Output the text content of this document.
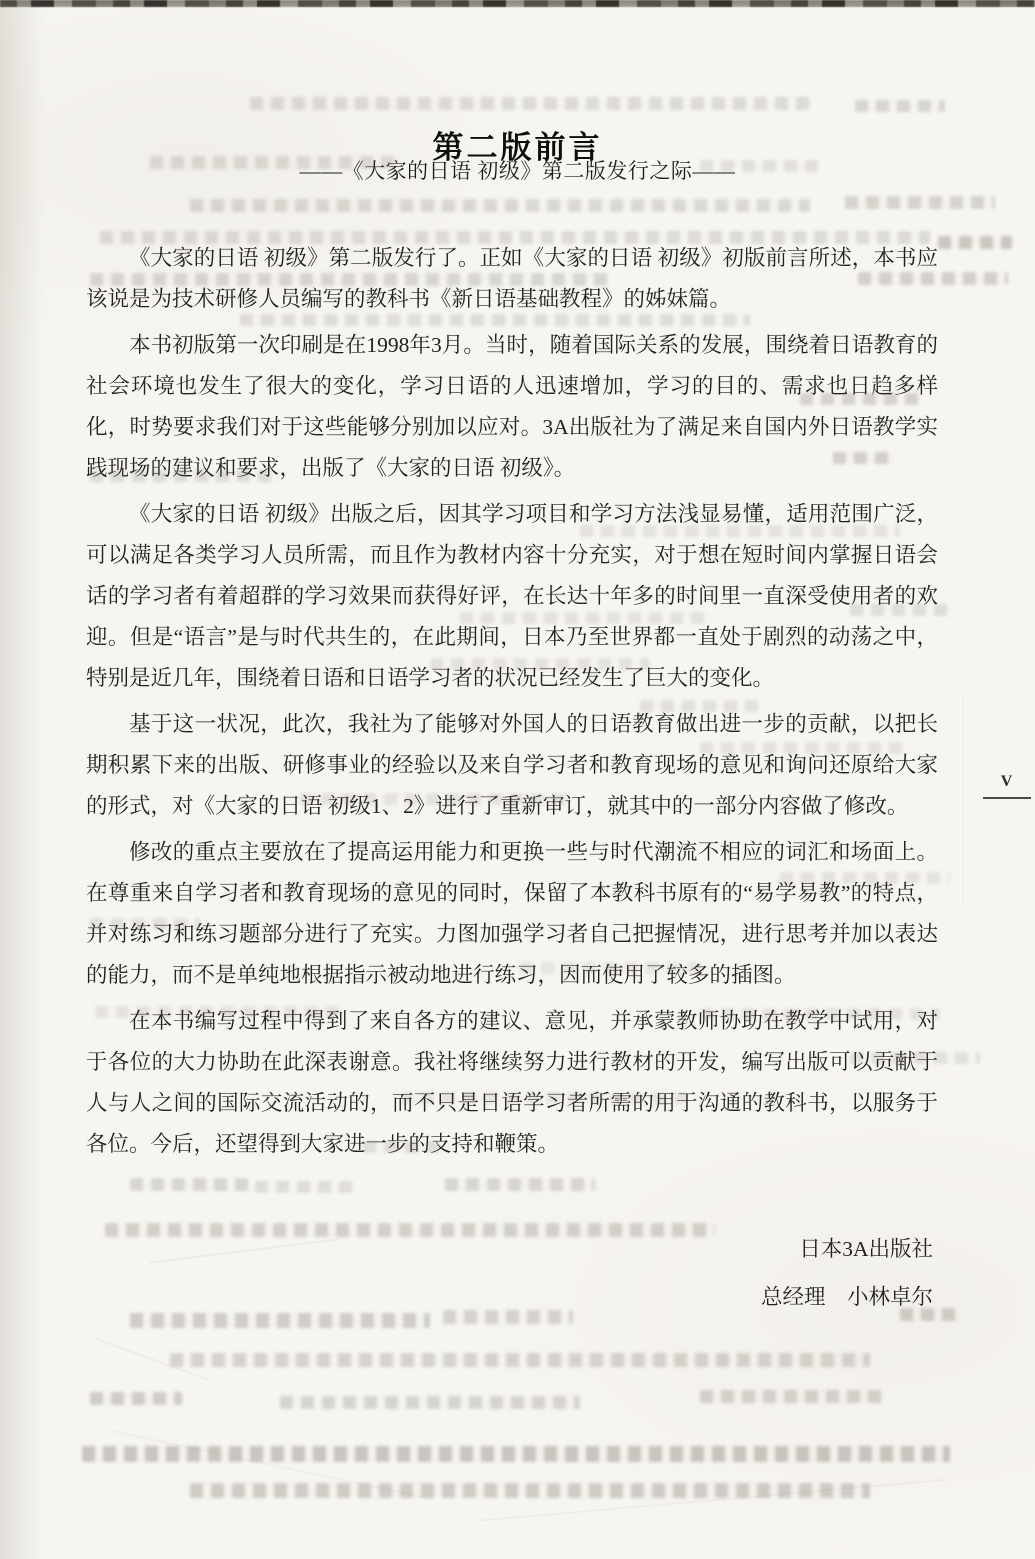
第二版前言
——《大家的日语 初级》第二版发行之际——

《大家的日语 初级》第二版发行了。正如《大家的日语 初级》初版前言所述，本书应该说是为技术研修人员编写的教科书《新日语基础教程》的姊妹篇。

本书初版第一次印刷是在1998年3月。当时，随着国际关系的发展，围绕着日语教育的社会环境也发生了很大的变化，学习日语的人迅速增加，学习的目的、需求也日趋多样化，时势要求我们对于这些能够分别加以应对。3A出版社为了满足来自国内外日语教学实践现场的建议和要求，出版了《大家的日语 初级》。

《大家的日语 初级》出版之后，因其学习项目和学习方法浅显易懂，适用范围广泛，可以满足各类学习人员所需，而且作为教材内容十分充实，对于想在短时间内掌握日语会话的学习者有着超群的学习效果而获得好评，在长达十年多的时间里一直深受使用者的欢迎。但是“语言”是与时代共生的，在此期间，日本乃至世界都一直处于剧烈的动荡之中，特别是近几年，围绕着日语和日语学习者的状况已经发生了巨大的变化。

基于这一状况，此次，我社为了能够对外国人的日语教育做出进一步的贡献，以把长期积累下来的出版、研修事业的经验以及来自学习者和教育现场的意见和询问还原给大家的形式，对《大家的日语 初级1、2》进行了重新审订，就其中的一部分内容做了修改。

修改的重点主要放在了提高运用能力和更换一些与时代潮流不相应的词汇和场面上。在尊重来自学习者和教育现场的意见的同时，保留了本教科书原有的“易学易教”的特点，并对练习和练习题部分进行了充实。力图加强学习者自己把握情况，进行思考并加以表达的能力，而不是单纯地根据指示被动地进行练习，因而使用了较多的插图。

在本书编写过程中得到了来自各方的建议、意见，并承蒙教师协助在教学中试用，对于各位的大力协助在此深表谢意。我社将继续努力进行教材的开发，编写出版可以贡献于人与人之间的国际交流活动的，而不只是日语学习者所需的用于沟通的教科书，以服务于各位。今后，还望得到大家进一步的支持和鞭策。

日本3A出版社
总经理　小林卓尔
V
